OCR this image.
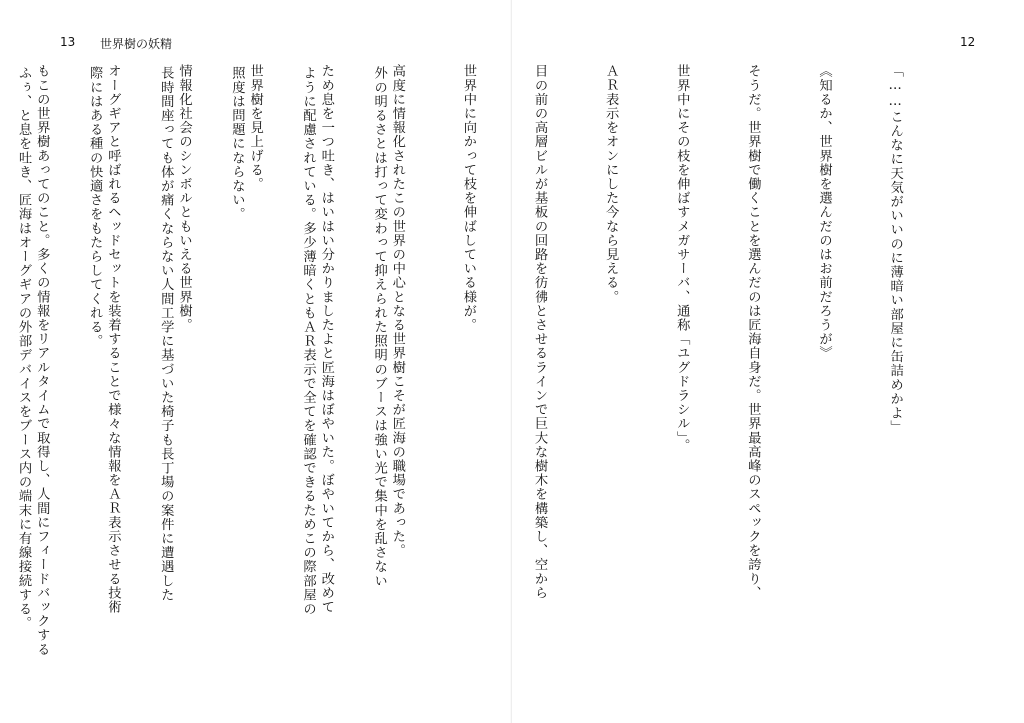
13 世界樹の妖精

外の明るさとは打って変わって抑えられた照明のブースは強い光で集中を乱さない

ように配慮されている。多少薄暗くともＡＲ表示で全てを確認できるためこの際部屋の

照度は問題にならない。

長時間座っても体が痛くならない人間工学に基づいた椅子も長丁場の案件に遭遇した

際にはある種の快適さをもたらしてくれる。

ふぅ、と息を吐き、匠海はオーグギアの外部デバイスをブース内の端末に有線接続する。

12

「……こんなに天気がいいのに薄暗い部屋に缶詰めかよ」

《知るか、世界樹を選んだのはお前だろうが》

そうだ。世界樹で働くことを選んだのは匠海自身だ。世界最高峰のスペックを誇り、

世界中にその枝を伸ばすメガサーバ、通称「ユグドラシル」。

ＡＲ表示をオンにした今なら見える。

目の前の高層ビルが基板の回路を彷彿とさせるラインで巨大な樹木を構築し、空から

世界中に向かって枝を伸ばしている様が。

高度に情報化されたこの世界の中心となる世界樹こそが匠海の職場であった。

ため息を一つ吐き、はいはい分かりましたよと匠海はぼやいた。ぼやいてから、改めて

世界樹を見上げる。

情報化社会のシンボルともいえる世界樹。

オーグギアと呼ばれるヘッドセットを装着することで様々な情報をＡＲ表示させる技術

もこの世界樹あってのこと。多くの情報をリアルタイムで取得し、人間にフィードバックする
